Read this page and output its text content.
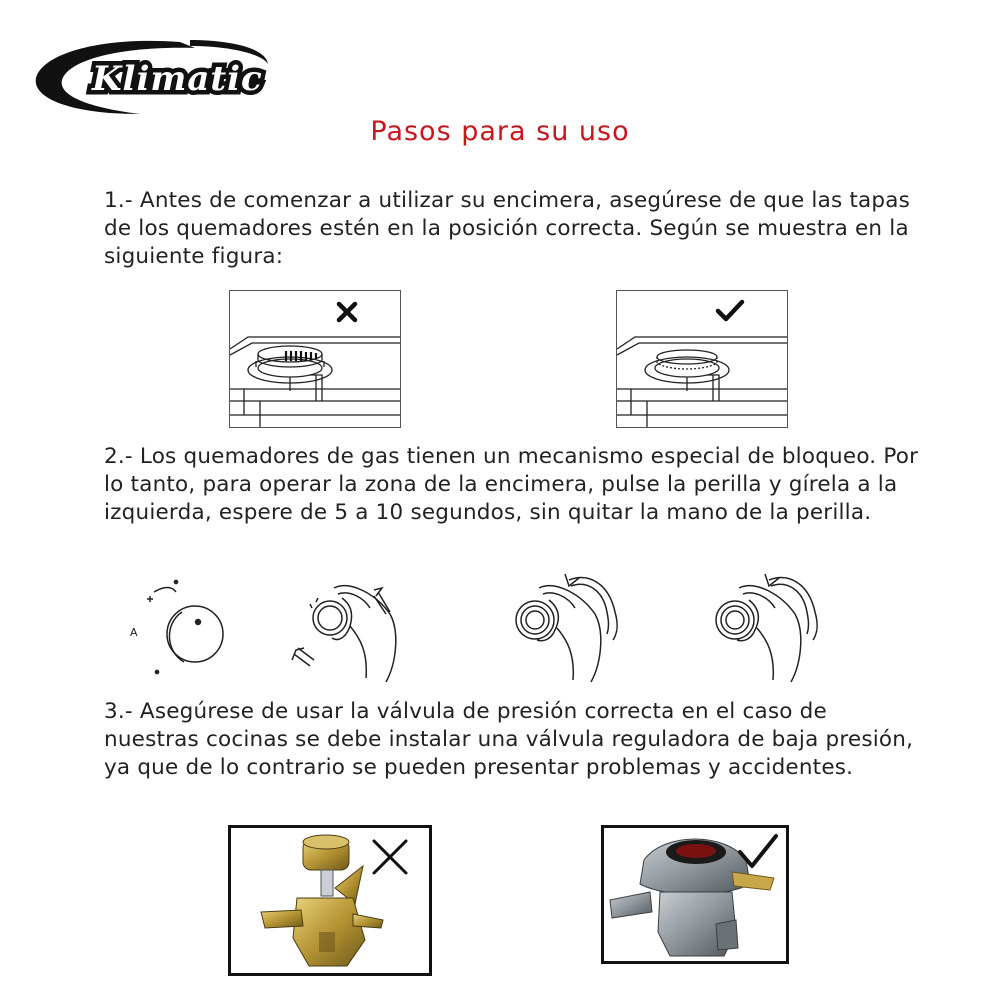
Klimatic
Pasos para su uso

1.- Antes de comenzar a utilizar su encimera, asegúrese de que las tapas de los quemadores estén en la posición correcta. Según se muestra en la siguiente figura:

2.- Los quemadores de gas tienen un mecanismo especial de bloqueo. Por lo tanto, para operar la zona de la encimera, pulse la perilla y gírela a la izquierda, espere de 5 a 10 segundos, sin quitar la mano de la perilla.

A

3.- Asegúrese de usar la válvula de presión correcta en el caso de nuestras cocinas se debe instalar una válvula reguladora de baja presión, ya que de lo contrario se pueden presentar problemas y accidentes.
